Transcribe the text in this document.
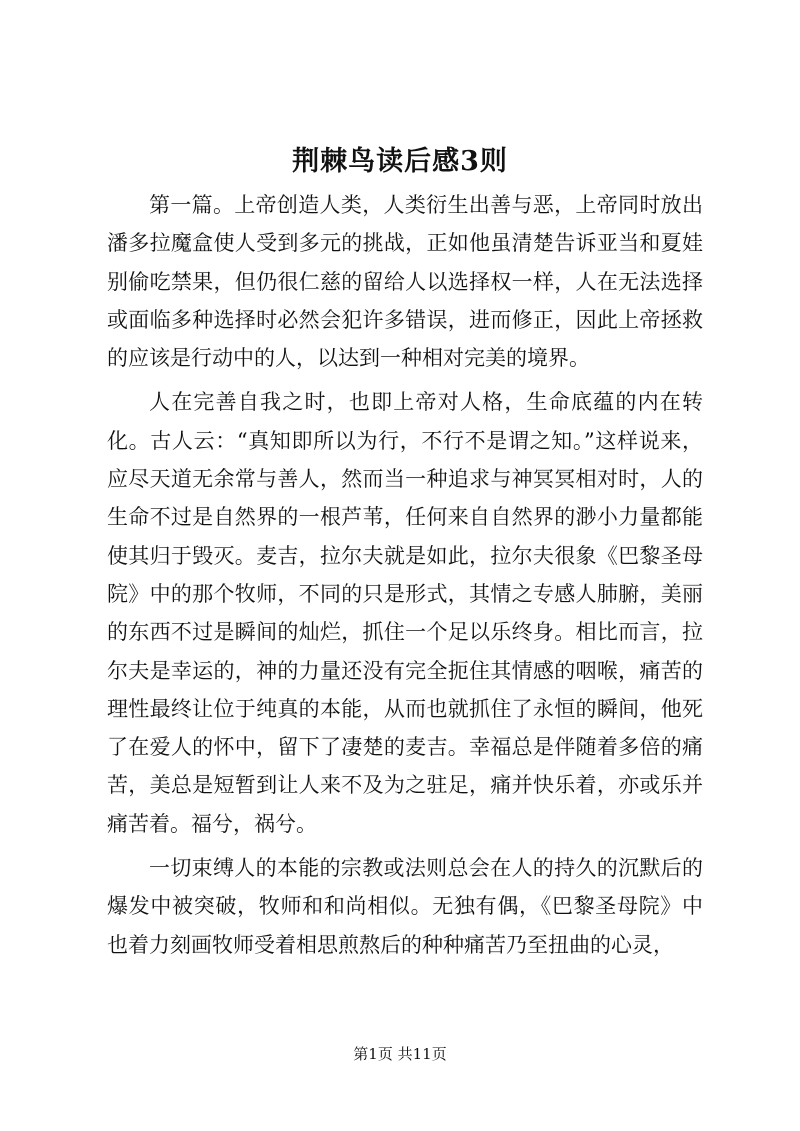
荆棘鸟读后感3则

第一篇。上帝创造人类，人类衍生出善与恶，上帝同时放出潘多拉魔盒使人受到多元的挑战，正如他虽清楚告诉亚当和夏娃别偷吃禁果，但仍很仁慈的留给人以选择权一样，人在无法选择或面临多种选择时必然会犯许多错误，进而修正，因此上帝拯救的应该是行动中的人，以达到一种相对完美的境界。

人在完善自我之时，也即上帝对人格，生命底蕴的内在转化。古人云：“真知即所以为行，不行不是谓之知。”这样说来，应尽天道无余常与善人，然而当一种追求与神冥冥相对时，人的生命不过是自然界的一根芦苇，任何来自自然界的渺小力量都能使其归于毁灭。麦吉，拉尔夫就是如此，拉尔夫很象《巴黎圣母院》中的那个牧师，不同的只是形式，其情之专感人肺腑，美丽的东西不过是瞬间的灿烂，抓住一个足以乐终身。相比而言，拉尔夫是幸运的，神的力量还没有完全扼住其情感的咽喉，痛苦的理性最终让位于纯真的本能，从而也就抓住了永恒的瞬间，他死了在爱人的怀中，留下了凄楚的麦吉。幸福总是伴随着多倍的痛苦，美总是短暂到让人来不及为之驻足，痛并快乐着，亦或乐并痛苦着。福兮，祸兮。

一切束缚人的本能的宗教或法则总会在人的持久的沉默后的爆发中被突破，牧师和和尚相似。无独有偶，《巴黎圣母院》中也着力刻画牧师受着相思煎熬后的种种痛苦乃至扭曲的心灵，

第1页 共11页
